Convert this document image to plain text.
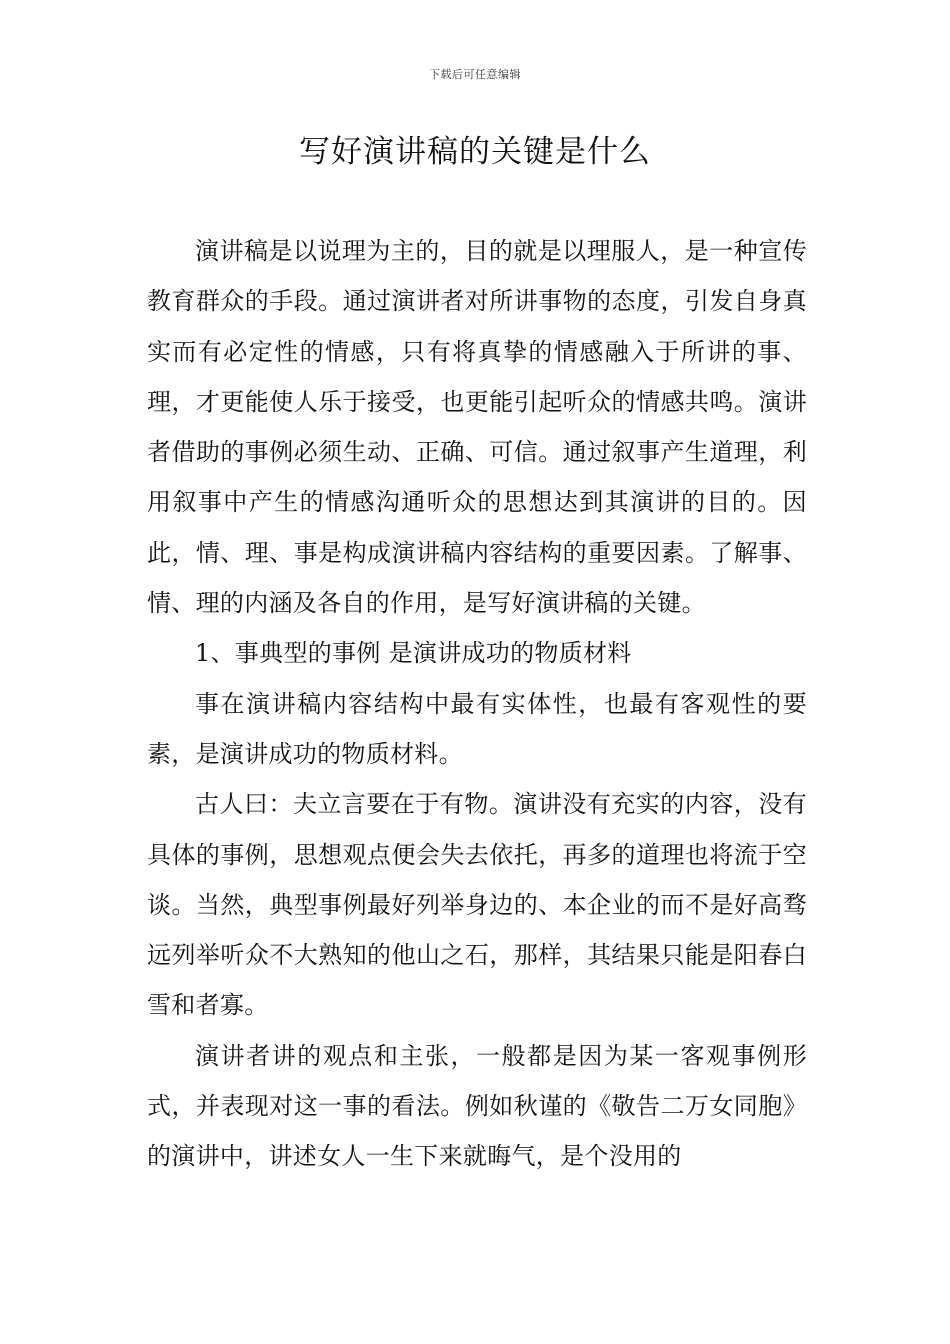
下载后可任意编辑
写好演讲稿的关键是什么

演讲稿是以说理为主的，目的就是以理服人，是一种宣传教育群众的手段。通过演讲者对所讲事物的态度，引发自身真实而有必定性的情感，只有将真挚的情感融入于所讲的事、理，才更能使人乐于接受，也更能引起听众的情感共鸣。演讲者借助的事例必须生动、正确、可信。通过叙事产生道理，利用叙事中产生的情感沟通听众的思想达到其演讲的目的。因此，情、理、事是构成演讲稿内容结构的重要因素。了解事、情、理的内涵及各自的作用，是写好演讲稿的关键。

1、事典型的事例 是演讲成功的物质材料

事在演讲稿内容结构中最有实体性，也最有客观性的要素，是演讲成功的物质材料。

古人曰：夫立言要在于有物。演讲没有充实的内容，没有具体的事例，思想观点便会失去依托，再多的道理也将流于空谈。当然，典型事例最好列举身边的、本企业的而不是好高骛远列举听众不大熟知的他山之石，那样，其结果只能是阳春白雪和者寡。

演讲者讲的观点和主张，一般都是因为某一客观事例形式，并表现对这一事的看法。例如秋谨的《敬告二万女同胞》的演讲中，讲述女人一生下来就晦气，是个没用的
